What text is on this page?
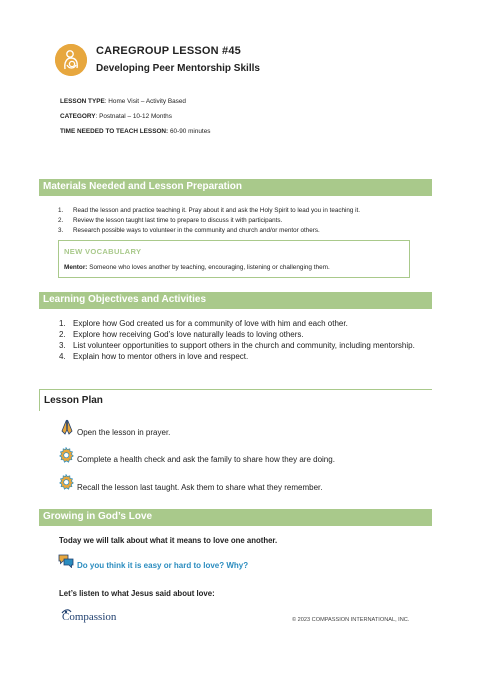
CAREGROUP LESSON #45
Developing Peer Mentorship Skills
LESSON TYPE: Home Visit – Activity Based
CATEGORY: Postnatal – 10-12 Months
TIME NEEDED TO TEACH LESSON: 60-90 minutes
Materials Needed and Lesson Preparation
1. Read the lesson and practice teaching it. Pray about it and ask the Holy Spirit to lead you in teaching it.
2. Review the lesson taught last time to prepare to discuss it with participants.
3. Research possible ways to volunteer in the community and church and/or mentor others.
NEW VOCABULARY
Mentor: Someone who loves another by teaching, encouraging, listening or challenging them.
Learning Objectives and Activities
1. Explore how God created us for a community of love with him and each other.
2. Explore how receiving God’s love naturally leads to loving others.
3. List volunteer opportunities to support others in the church and community, including mentorship.
4. Explain how to mentor others in love and respect.
Lesson Plan
Open the lesson in prayer.
Complete a health check and ask the family to share how they are doing.
Recall the lesson last taught. Ask them to share what they remember.
Growing in God’s Love
Today we will talk about what it means to love one another.
Do you think it is easy or hard to love? Why?
Let’s listen to what Jesus said about love:
Compassion	© 2023 COMPASSION INTERNATIONAL, INC.
